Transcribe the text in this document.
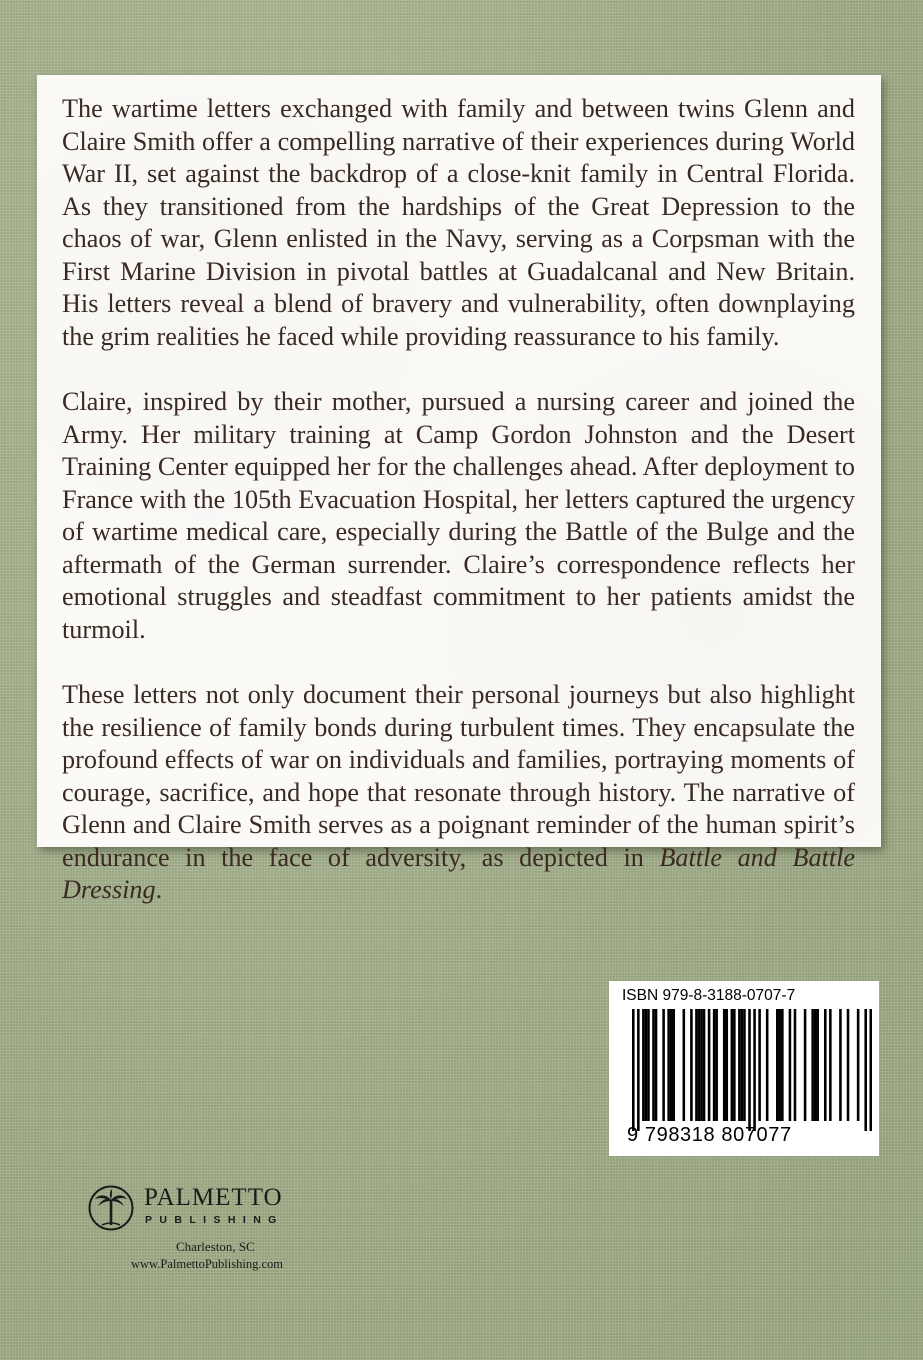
The wartime letters exchanged with family and between twins Glenn and Claire Smith offer a compelling narrative of their experiences during World War II, set against the backdrop of a close-knit family in Central Florida. As they transitioned from the hardships of the Great Depression to the chaos of war, Glenn enlisted in the Navy, serving as a Corpsman with the First Marine Division in pivotal battles at Guadalcanal and New Britain. His letters reveal a blend of bravery and vulnerability, often downplaying the grim realities he faced while providing reassurance to his family.

Claire, inspired by their mother, pursued a nursing career and joined the Army. Her military training at Camp Gordon Johnston and the Desert Training Center equipped her for the challenges ahead. After deployment to France with the 105th Evacuation Hospital, her letters captured the urgency of wartime medical care, especially during the Battle of the Bulge and the aftermath of the German surrender. Claire’s correspondence reflects her emotional struggles and steadfast commitment to her patients amidst the turmoil.

These letters not only document their personal journeys but also highlight the resilience of family bonds during turbulent times. They encapsulate the profound effects of war on individuals and families, portraying moments of courage, sacrifice, and hope that resonate through history. The narrative of Glenn and Claire Smith serves as a poignant reminder of the human spirit’s endurance in the face of adversity, as depicted in Battle and Battle Dressing.

PALMETTO
PUBLISHING
Charleston, SC
www.PalmettoPublishing.com
ISBN 979-8-3188-0707-7
9 798318 807077
